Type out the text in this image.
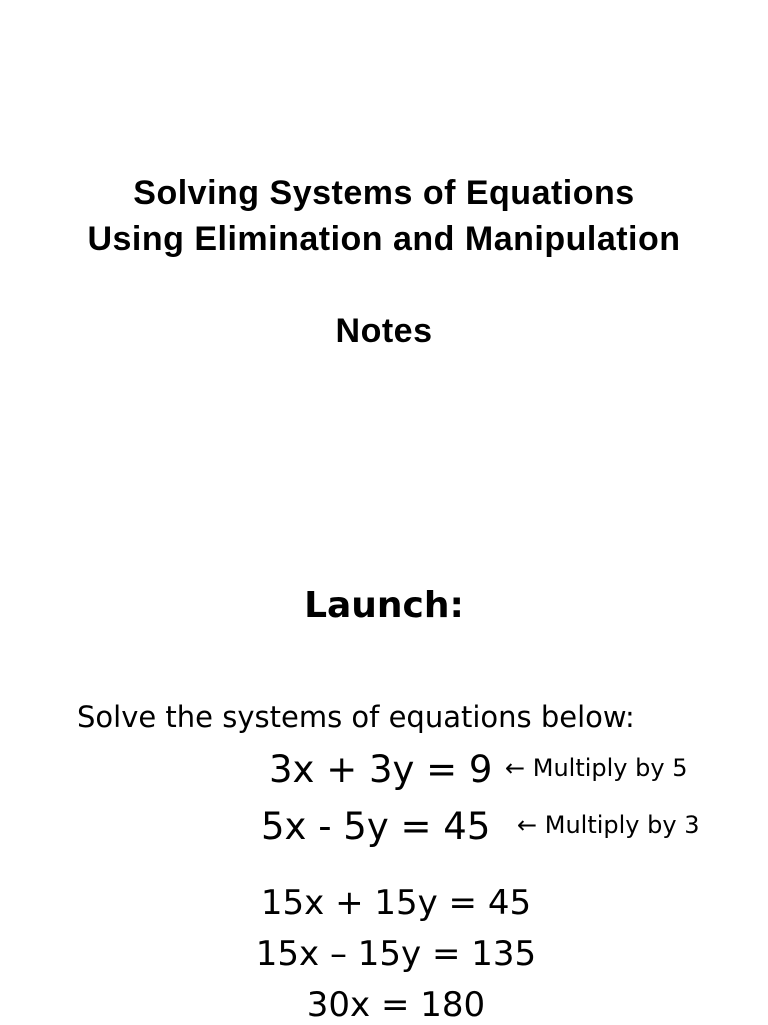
Solving Systems of Equations
Using Elimination and Manipulation
Notes
Launch:
Solve the systems of equations below:
3x + 3y = 9 ← Multiply by 5
5x - 5y = 45 ← Multiply by 3
15x + 15y = 45
15x – 15y = 135
30x = 180
